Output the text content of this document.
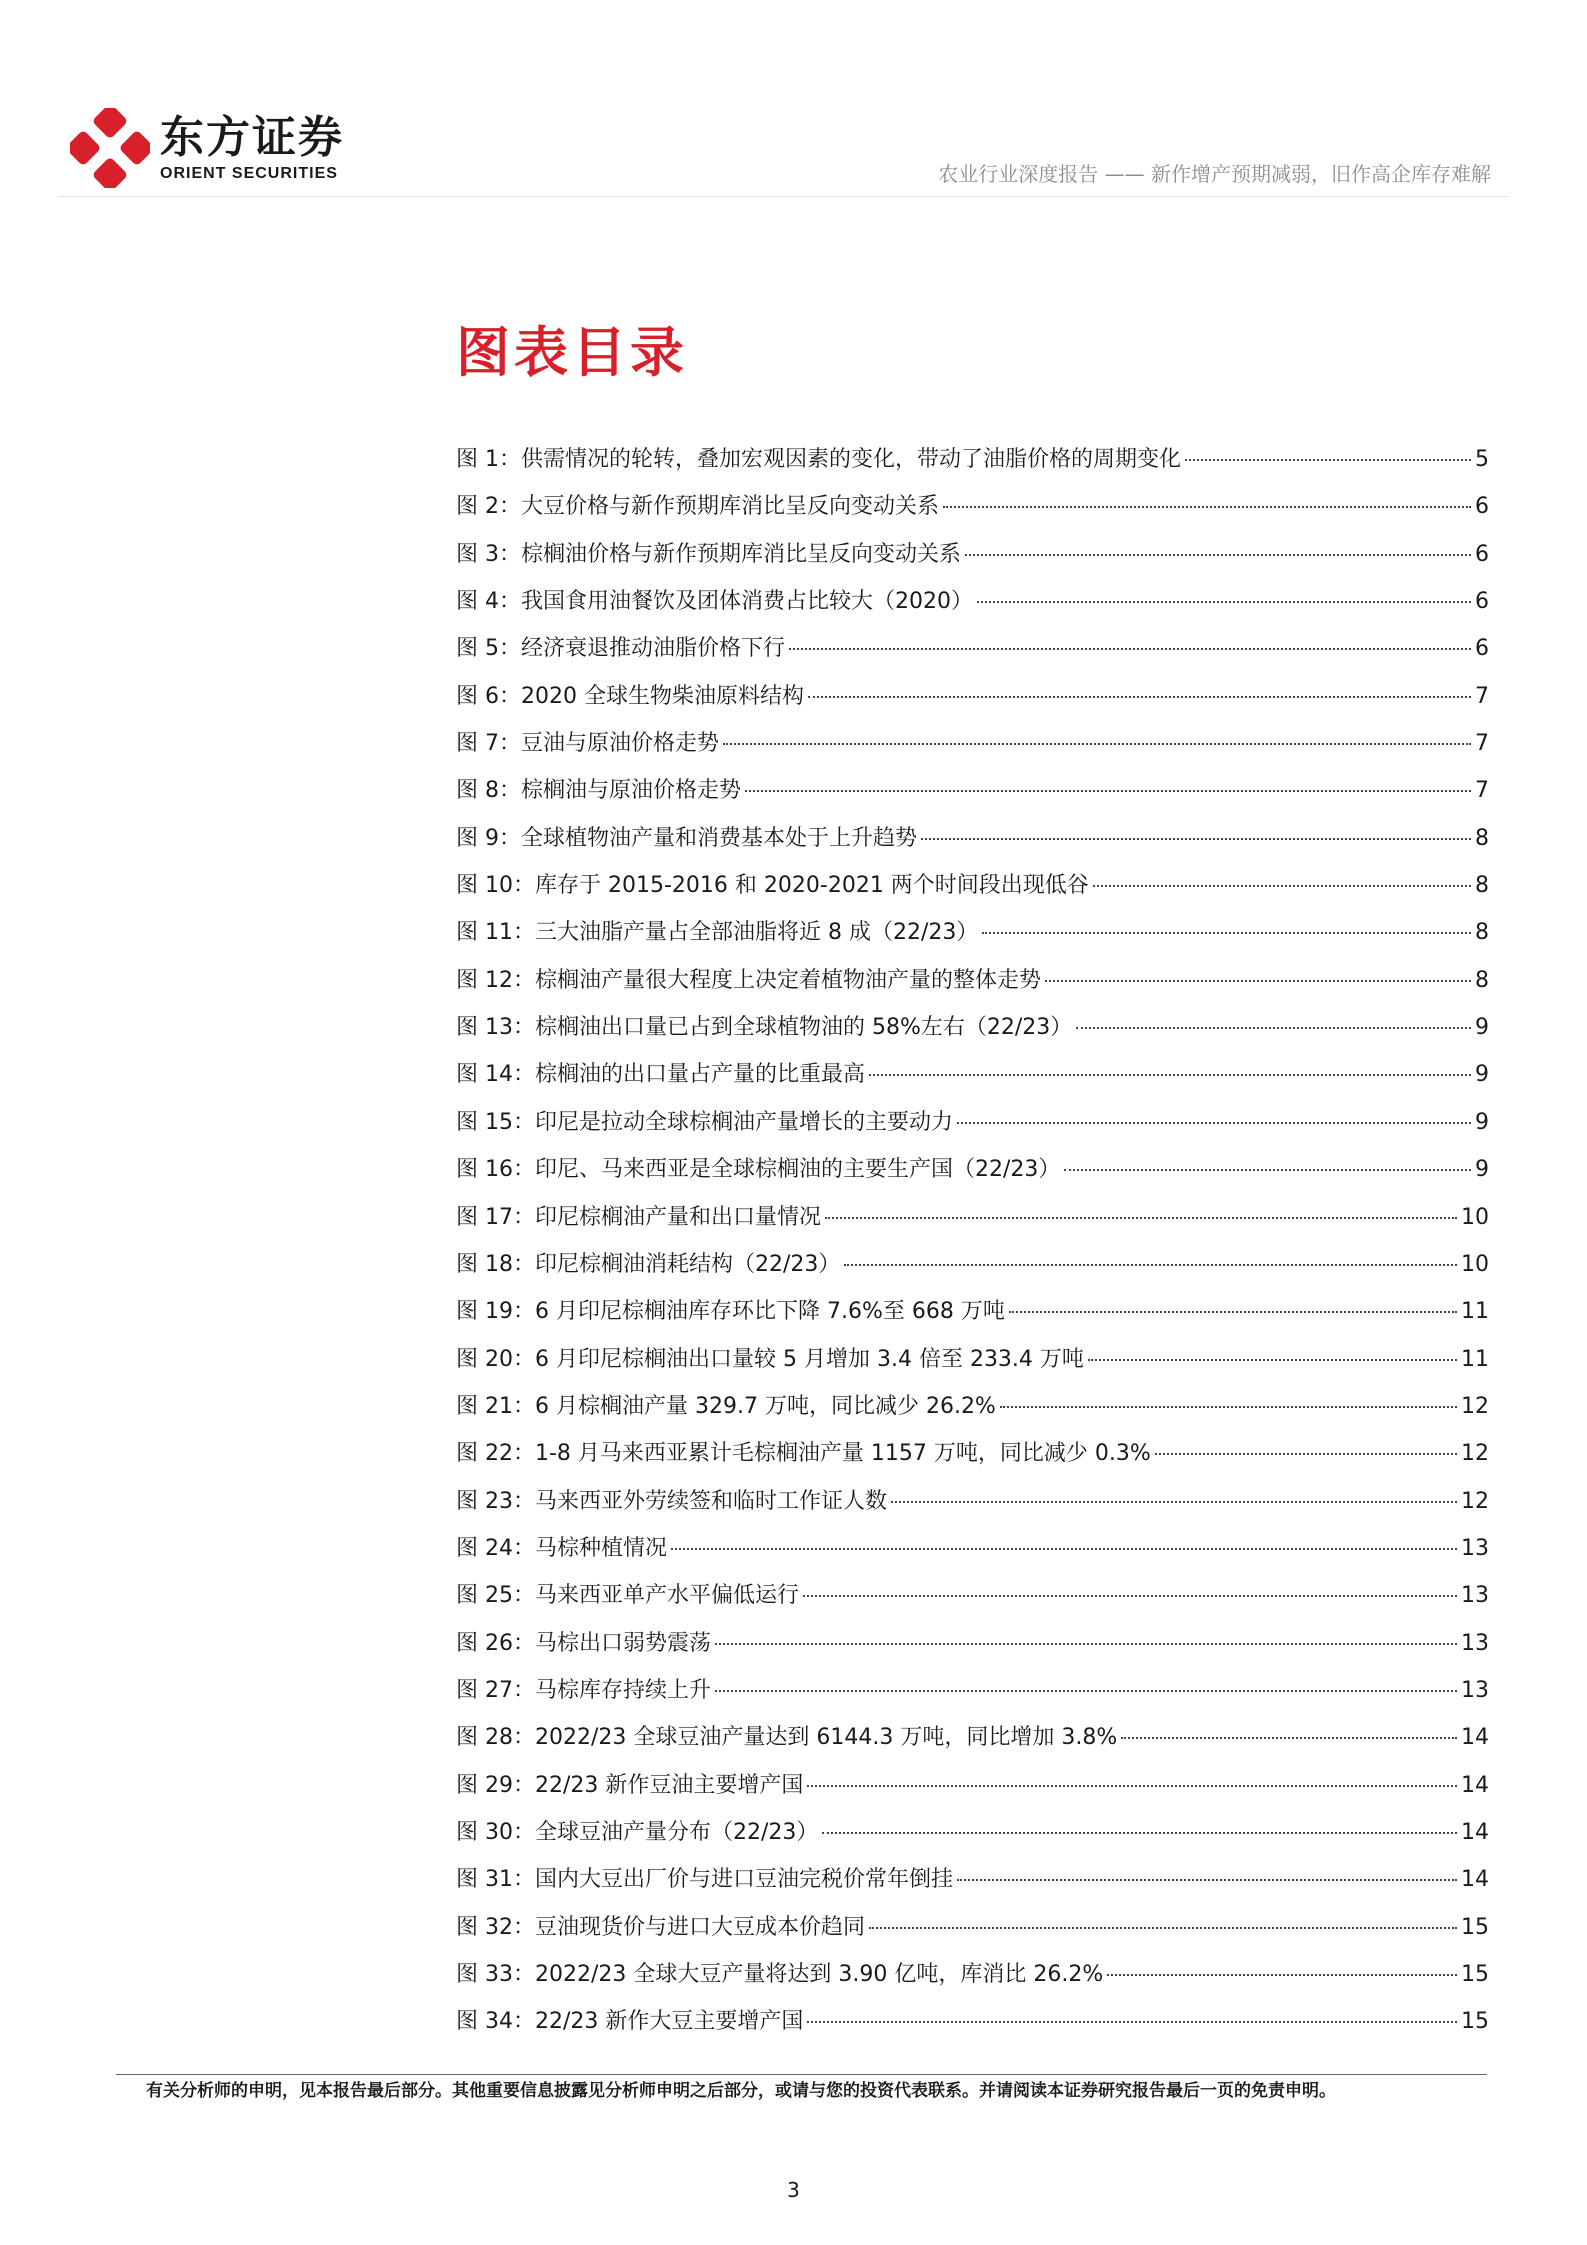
东方证券
ORIENT SECURITIES	农业行业深度报告 —— 新作增产预期减弱，旧作高企库存难解
图表目录
图 1： 供需情况的轮转，叠加宏观因素的变化，带动了油脂价格的周期变化	5
图 2： 大豆价格与新作预期库消比呈反向变动关系	6
图 3： 棕榈油价格与新作预期库消比呈反向变动关系	6
图 4： 我国食用油餐饮及团体消费占比较大（2020）	6
图 5： 经济衰退推动油脂价格下行	6
图 6： 2020 全球生物柴油原料结构	7
图 7： 豆油与原油价格走势	7
图 8： 棕榈油与原油价格走势	7
图 9： 全球植物油产量和消费基本处于上升趋势	8
图 10： 库存于 2015-2016 和 2020-2021 两个时间段出现低谷	8
图 11： 三大油脂产量占全部油脂将近 8 成（22/23）	8
图 12： 棕榈油产量很大程度上决定着植物油产量的整体走势	8
图 13： 棕榈油出口量已占到全球植物油的 58%左右（22/23）	9
图 14： 棕榈油的出口量占产量的比重最高	9
图 15： 印尼是拉动全球棕榈油产量增长的主要动力	9
图 16： 印尼、马来西亚是全球棕榈油的主要生产国（22/23）	9
图 17： 印尼棕榈油产量和出口量情况	10
图 18： 印尼棕榈油消耗结构（22/23）	10
图 19： 6 月印尼棕榈油库存环比下降 7.6%至 668 万吨	11
图 20： 6 月印尼棕榈油出口量较 5 月增加 3.4 倍至 233.4 万吨	11
图 21： 6 月棕榈油产量 329.7 万吨，同比减少 26.2%	12
图 22： 1-8 月马来西亚累计毛棕榈油产量 1157 万吨，同比减少 0.3%	12
图 23： 马来西亚外劳续签和临时工作证人数	12
图 24： 马棕种植情况	13
图 25： 马来西亚单产水平偏低运行	13
图 26： 马棕出口弱势震荡	13
图 27： 马棕库存持续上升	13
图 28： 2022/23 全球豆油产量达到 6144.3 万吨，同比增加 3.8%	14
图 29： 22/23 新作豆油主要增产国	14
图 30： 全球豆油产量分布（22/23）	14
图 31： 国内大豆出厂价与进口豆油完税价常年倒挂	14
图 32： 豆油现货价与进口大豆成本价趋同	15
图 33： 2022/23 全球大豆产量将达到 3.90 亿吨，库消比 26.2%	15
图 34： 22/23 新作大豆主要增产国	15
有关分析师的申明，见本报告最后部分。其他重要信息披露见分析师申明之后部分，或请与您的投资代表联系。并请阅读本证券研究报告最后一页的免责申明。
3
